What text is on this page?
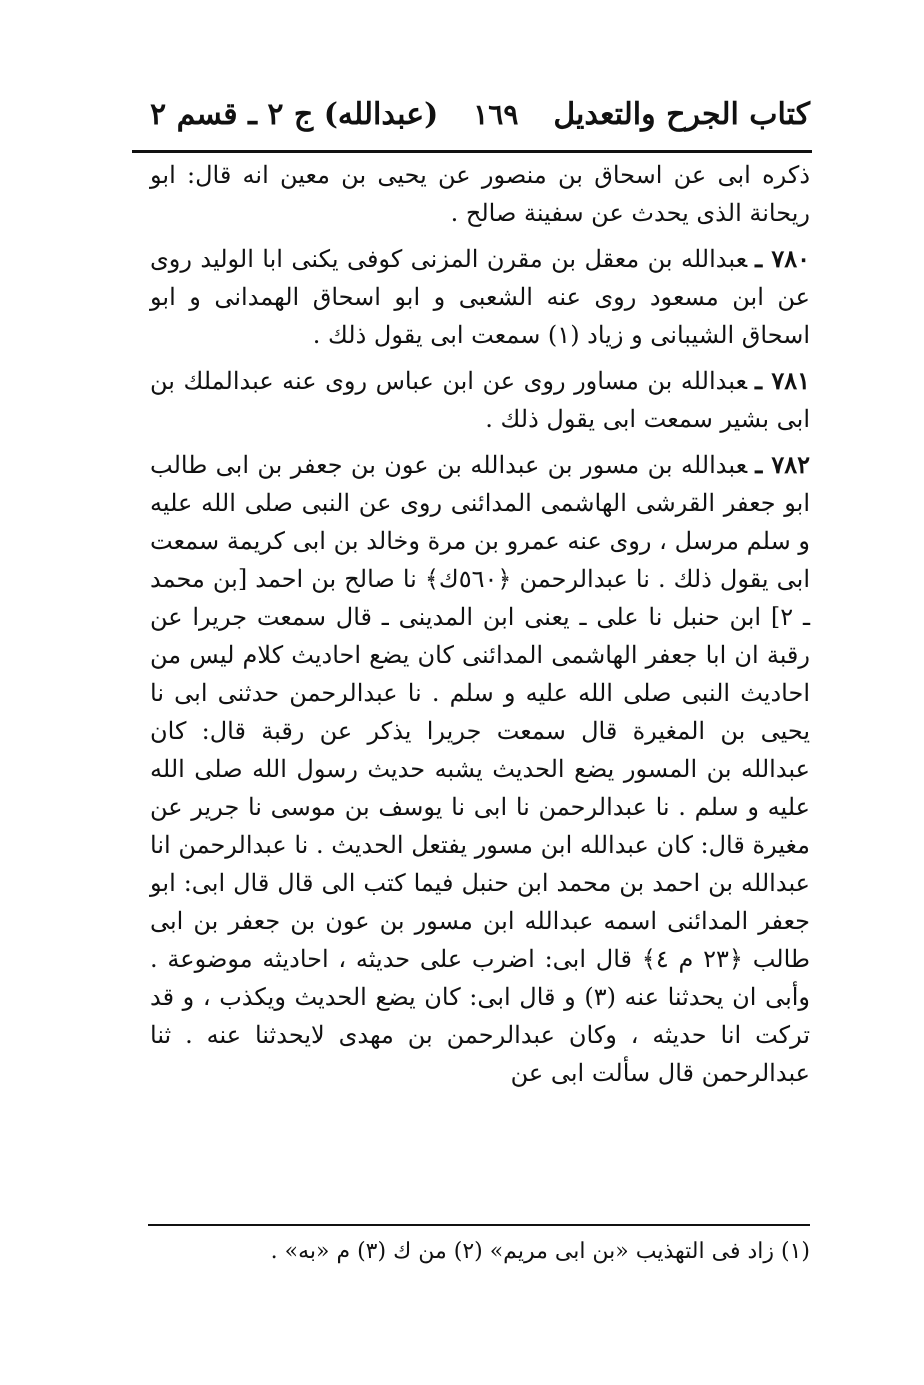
كتاب الجرح والتعديل
١٦٩
(عبدالله) ج ٢ ـ قسم ٢

ذكره ابى عن اسحاق بن منصور عن يحيى بن معين انه قال: ابو ريحانة الذى يحدث عن سفينة صالح .

٧٨٠ ـعبدالله بن معقل بن مقرن المزنى كوفى يكنى ابا الوليد روى عن ابن مسعود روى عنه الشعبى و ابو اسحاق الهمدانى و ابو اسحاق الشيبانى و زياد (١) سمعت ابى يقول ذلك .

٧٨١ ـعبدالله بن مساور روى عن ابن عباس روى عنه عبدالملك بن ابى بشير سمعت ابى يقول ذلك .

٧٨٢ ـعبدالله بن مسور بن عبدالله بن عون بن جعفر بن ابى طالب ابو جعفر القرشى الهاشمى المدائنى روى عن النبى صلى الله عليه و سلم مرسل ، روى عنه عمرو بن مرة وخالد بن ابى كريمة سمعت ابى يقول ذلك . نا عبدالرحمن ﴿٥٦٠ك﴾ نا صالح بن احمد [بن محمد ـ ٢] ابن حنبل نا على ـ يعنى ابن المدينى ـ قال سمعت جريرا عن رقبة ان ابا جعفر الهاشمى المدائنى كان يضع احاديث كلام ليس من احاديث النبى صلى الله عليه و سلم . نا عبدالرحمن حدثنى ابى نا يحيى بن المغيرة قال سمعت جريرا يذكر عن رقبة قال: كان عبدالله بن المسور يضع الحديث يشبه حديث رسول الله صلى الله عليه و سلم . نا عبدالرحمن نا ابى نا يوسف بن موسى نا جرير عن مغيرة قال: كان عبدالله ابن مسور يفتعل الحديث . نا عبدالرحمن انا عبدالله بن احمد بن محمد ابن حنبل فيما كتب الى قال قال ابى: ابو جعفر المدائنى اسمه عبدالله ابن مسور بن عون بن جعفر بن ابى طالب ﴿٢٣ م ٤﴾ قال ابى: اضرب على حديثه ، احاديثه موضوعة . وأبى ان يحدثنا عنه (٣) و قال ابى: كان يضع الحديث ويكذب ، و قد تركت انا حديثه ، وكان عبدالرحمن بن مهدى لايحدثنا عنه . ثنا عبدالرحمن قال سألت ابى عن

(١) زاد فى التهذيب «بن ابى مريم» (٢) من ك (٣) م «به» .
